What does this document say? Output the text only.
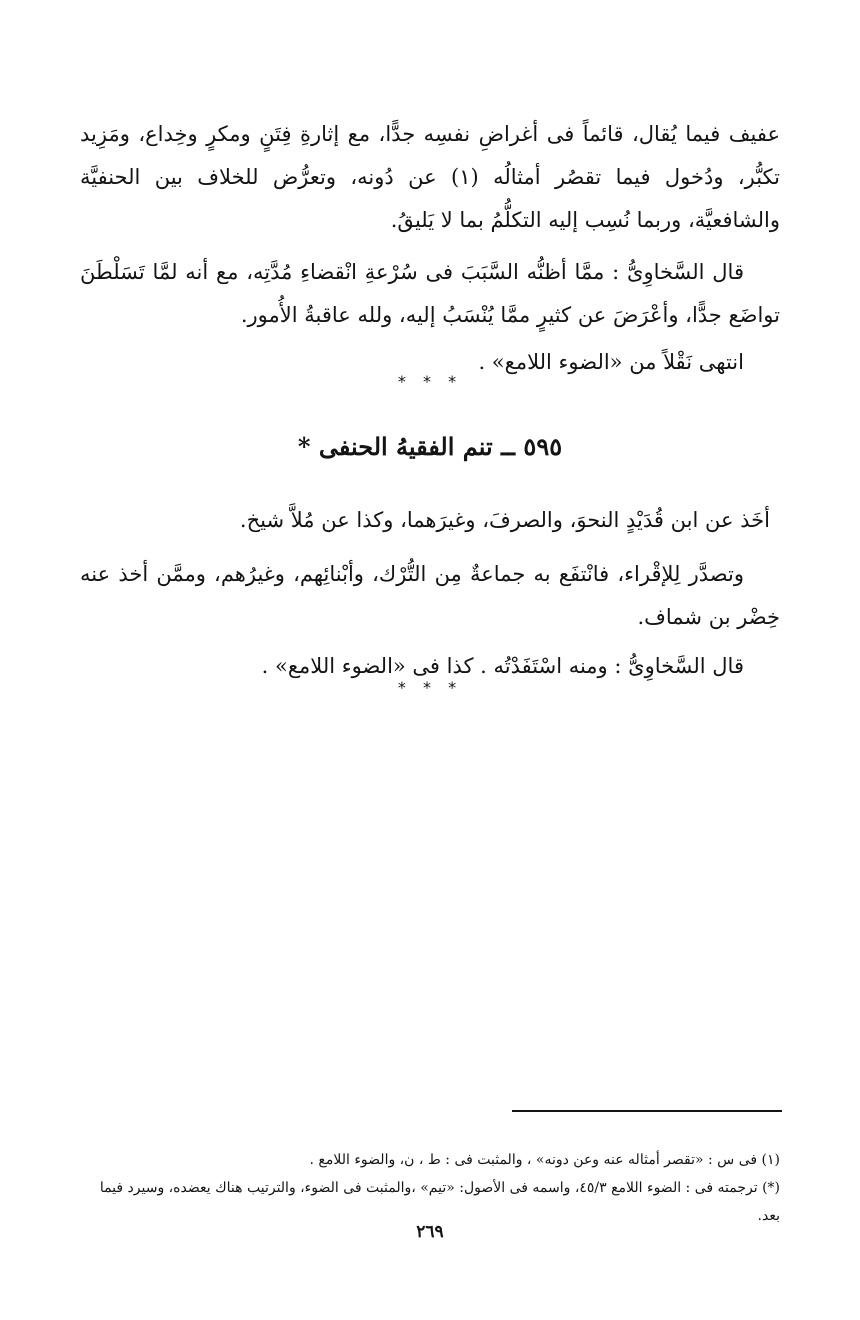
عفيف فيما يُقال، قائماً فى أغراضِ نفسِه جدًّا، مع إثارةِ فِتَنٍ ومكرٍ وخِداع، ومَزِيد تكبُّر، ودُخول فيما تقصُر أمثالُه (١) عن دُونه، وتعرُّض للخلاف بين الحنفيَّة والشافعيَّة، وربما نُسِب إليه التكلُّمُ بما لا يَليقُ.

قال السَّخاوِىُّ : ممَّا أظنُّه السَّبَبَ فى سُرْعةِ انْقضاءِ مُدَّتِه، مع أنه لمَّا تَسَلْطَنَ تواضَع جدًّا، وأعْرَضَ عن كثيرٍ ممَّا يُنْسَبُ إليه، ولله عاقبةُ الأُمور.

انتهى نَقْلاً من «الضوء اللامع» .

* * *
٥٩٥ ــ تنم الفقيهُ الحنفى *

أخَذ عن ابن قُدَيْدٍ النحوَ، والصرفَ، وغيرَهما، وكذا عن مُلاَّ شيخ.

وتصدَّر لِلإقْراء، فانْتفَع به جماعةٌ مِن التُّرْك، وأبْنائِهم، وغيرُهم، وممَّن أخذ عنه خِضْر بن شماف.

قال السَّخاوِىُّ : ومنه اسْتَفَدْتُه . كذا فى «الضوء اللامع» .

* * *
(١) فى س : «تقصر أمثاله عنه وعن دونه» ، والمثبت فى : ط ، ن، والضوء اللامع .
(*) ترجمته فى : الضوء اللامع ٤٥/٣، واسمه فى الأصول: «تيم» ،والمثبت فى الضوء، والترتيب هناك يعضده، وسيرد فيما بعد.
٢٦٩
